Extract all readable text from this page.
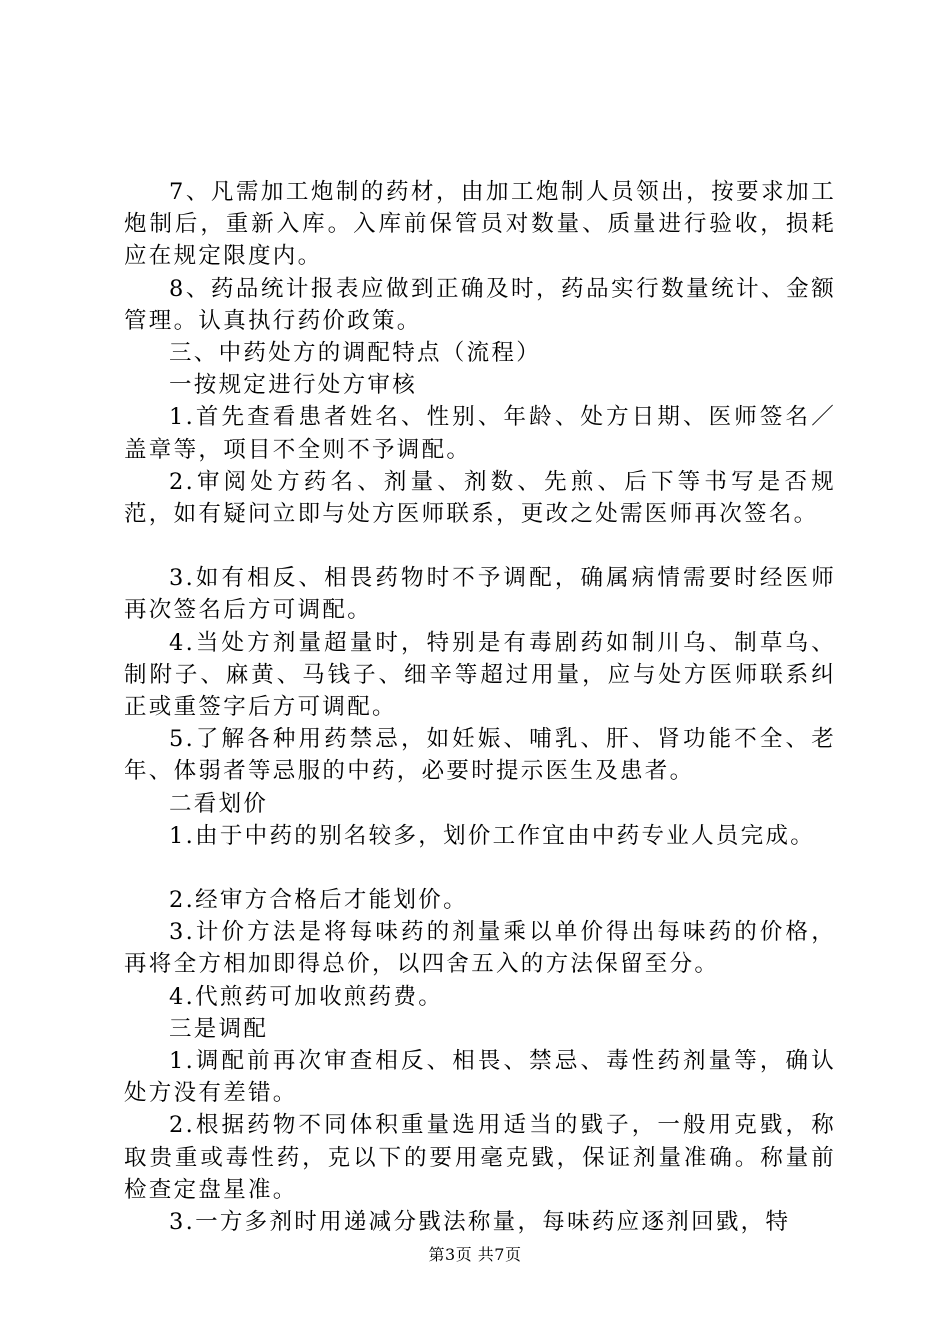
7、凡需加工炮制的药材，由加工炮制人员领出，按要求加工炮制后，重新入库。入库前保管员对数量、质量进行验收，损耗应在规定限度内。

8、药品统计报表应做到正确及时，药品实行数量统计、金额管理。认真执行药价政策。

三、中药处方的调配特点（流程）

一按规定进行处方审核

1.首先查看患者姓名、性别、年龄、处方日期、医师签名／盖章等，项目不全则不予调配。

2.审阅处方药名、剂量、剂数、先煎、后下等书写是否规范，如有疑问立即与处方医师联系，更改之处需医师再次签名。

3.如有相反、相畏药物时不予调配，确属病情需要时经医师再次签名后方可调配。

4.当处方剂量超量时，特别是有毒剧药如制川乌、制草乌、制附子、麻黄、马钱子、细辛等超过用量，应与处方医师联系纠正或重签字后方可调配。

5.了解各种用药禁忌，如妊娠、哺乳、肝、肾功能不全、老年、体弱者等忌服的中药，必要时提示医生及患者。

二看划价

1.由于中药的别名较多，划价工作宜由中药专业人员完成。

2.经审方合格后才能划价。

3.计价方法是将每味药的剂量乘以单价得出每味药的价格，再将全方相加即得总价，以四舍五入的方法保留至分。

4.代煎药可加收煎药费。

三是调配

1.调配前再次审查相反、相畏、禁忌、毒性药剂量等，确认处方没有差错。

2.根据药物不同体积重量选用适当的戥子，一般用克戥，称取贵重或毒性药，克以下的要用毫克戥，保证剂量准确。称量前检查定盘星准。

3.一方多剂时用递减分戥法称量，每味药应逐剂回戥，特

第3页 共7页
